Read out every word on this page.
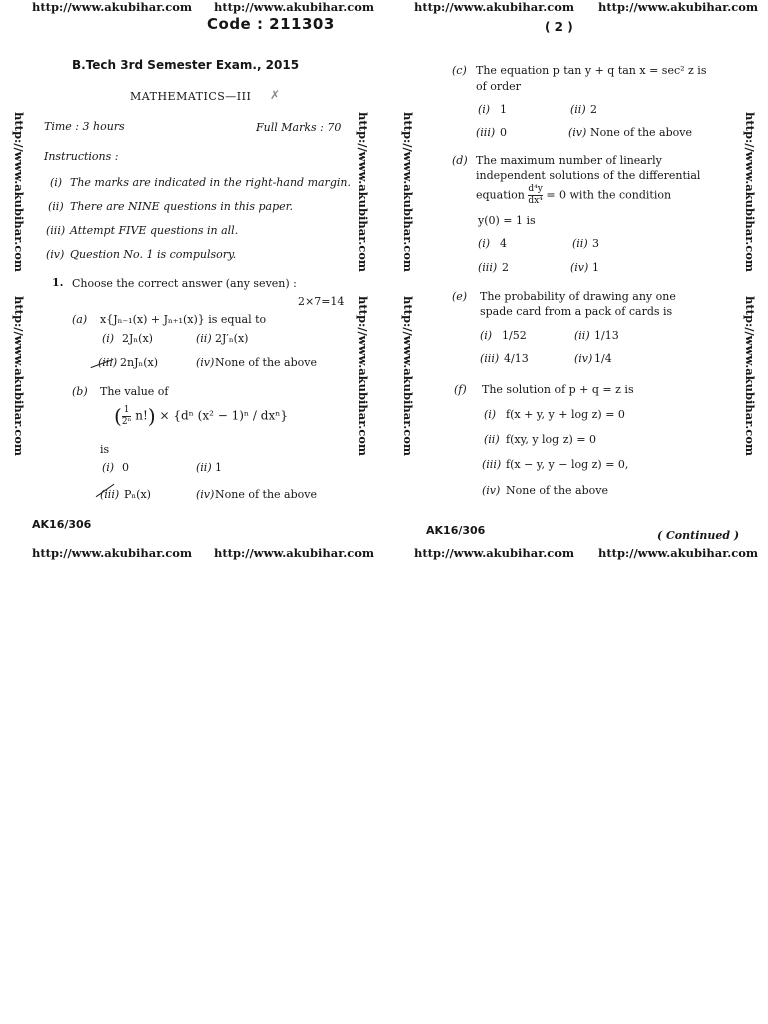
http://www.akubihar.com http://www.akubihar.com	http://www.akubihar.com http://www.akubihar.com
Code : 211303	( 2 )
http://www.akubihar.com
http://www.akubihar.com
http://www.akubihar.com
http://www.akubihar.com
http://www.akubihar.com
http://www.akubihar.com
http://www.akubihar.com
http://www.akubihar.com
B.Tech 3rd Semester Exam., 2015
MATHEMATICS—III ✗
Time : 3 hours	Full Marks : 70
Instructions :
(i) The marks are indicated in the right-hand margin.
(ii) There are NINE questions in this paper.
(iii) Attempt FIVE questions in all.
(iv) Question No. 1 is compulsory.
1. Choose the correct answer (any seven) :
2×7=14
(a) x{Jₙ₋₁(x) + Jₙ₊₁(x)} is equal to
(i) 2Jₙ(x)	(ii) 2J′ₙ(x)
(iii) 2nJₙ(x)	(iv) None of the above
(b) The value of
( $\frac{1}{\text{2ⁿ}} n!) \times \{d^n$ (x² − 1)ⁿ / dxⁿ}
is
(i) 0	(ii) 1
(iii) Pₙ(x)	(iv) None of the above
AK16/306
(c) The equation p tan y + q tan x = sec² z is
of order
(i) 1	(ii) 2
(iii) 0	(iv) None of the above
(d) The maximum number of linearly
independent solutions of the differential
equation $\frac{\text{d⁴y}}{\text{dx⁴}} = 0$ with the condition
y(0) = 1 is
(i) 4	(ii) 3
(iii) 2	(iv) 1
(e) The probability of drawing any one
spade card from a pack of cards is
(i) 1/52	(ii) 1/13
(iii) 4/13	(iv) 1/4
(f) The solution of p + q = z is
(i) f(x + y, y + log z) = 0
(ii) f(xy, y log z) = 0
(iii) f(x − y, y − log z) = 0,
(iv) None of the above
AK16/306	( Continued )
http://www.akubihar.com http://www.akubihar.com	http://www.akubihar.com http://www.akubihar.com
